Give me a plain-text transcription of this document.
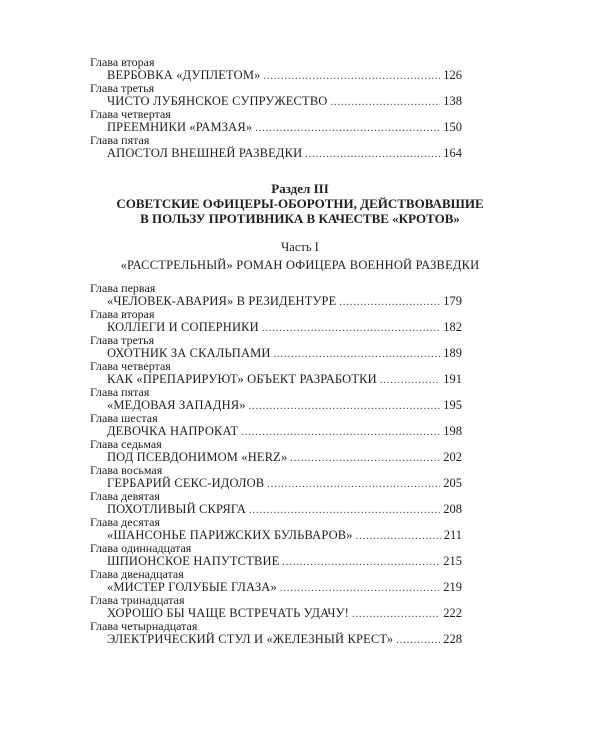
Глава вторая
ВЕРБОВКА «ДУПЛЕТОМ» .....	126
Глава третья
ЧИСТО ЛУБЯНСКОЕ СУПРУЖЕСТВО .....	138
Глава четвертая
ПРЕЕМНИКИ «РАМЗАЯ» .....	150
Глава пятая
АПОСТОЛ ВНЕШНЕЙ РАЗВЕДКИ .....	164
Раздел III
СОВЕТСКИЕ ОФИЦЕРЫ-ОБОРОТНИ, ДЕЙСТВОВАВШИЕ
В ПОЛЬЗУ ПРОТИВНИКА В КАЧЕСТВЕ «КРОТОВ»
Часть I
«РАССТРЕЛЬНЫЙ» РОМАН ОФИЦЕРА ВОЕННОЙ РАЗВЕДКИ
Глава первая
«ЧЕЛОВЕК-АВАРИЯ» В РЕЗИДЕНТУРЕ .....	179
Глава вторая
КОЛЛЕГИ И СОПЕРНИКИ .....	182
Глава третья
ОХОТНИК ЗА СКАЛЬПАМИ .....	189
Глава четвертая
КАК «ПРЕПАРИРУЮТ» ОБЪЕКТ РАЗРАБОТКИ .....	191
Глава пятая
«МЕДОВАЯ ЗАПАДНЯ» .....	195
Глава шестая
ДЕВОЧКА НАПРОКАТ .....	198
Глава седьмая
ПОД ПСЕВДОНИМОМ «HERZ» .....	202
Глава восьмая
ГЕРБАРИЙ СЕКС-ИДОЛОВ .....	205
Глава девятая
ПОХОТЛИВЫЙ СКРЯГА .....	208
Глава десятая
«ШАНСОНЬЕ ПАРИЖСКИХ БУЛЬВАРОВ» .....	211
Глава одиннадцатая
ШПИОНСКОЕ НАПУТСТВИЕ .....	215
Глава двенадцатая
«МИСТЕР ГОЛУБЫЕ ГЛАЗА» .....	219
Глава тринадцатая
ХОРОШО БЫ ЧАЩЕ ВСТРЕЧАТЬ УДАЧУ! .....	222
Глава четырнадцатая
ЭЛЕКТРИЧЕСКИЙ СТУЛ И «ЖЕЛЕЗНЫЙ КРЕСТ» .....	228
